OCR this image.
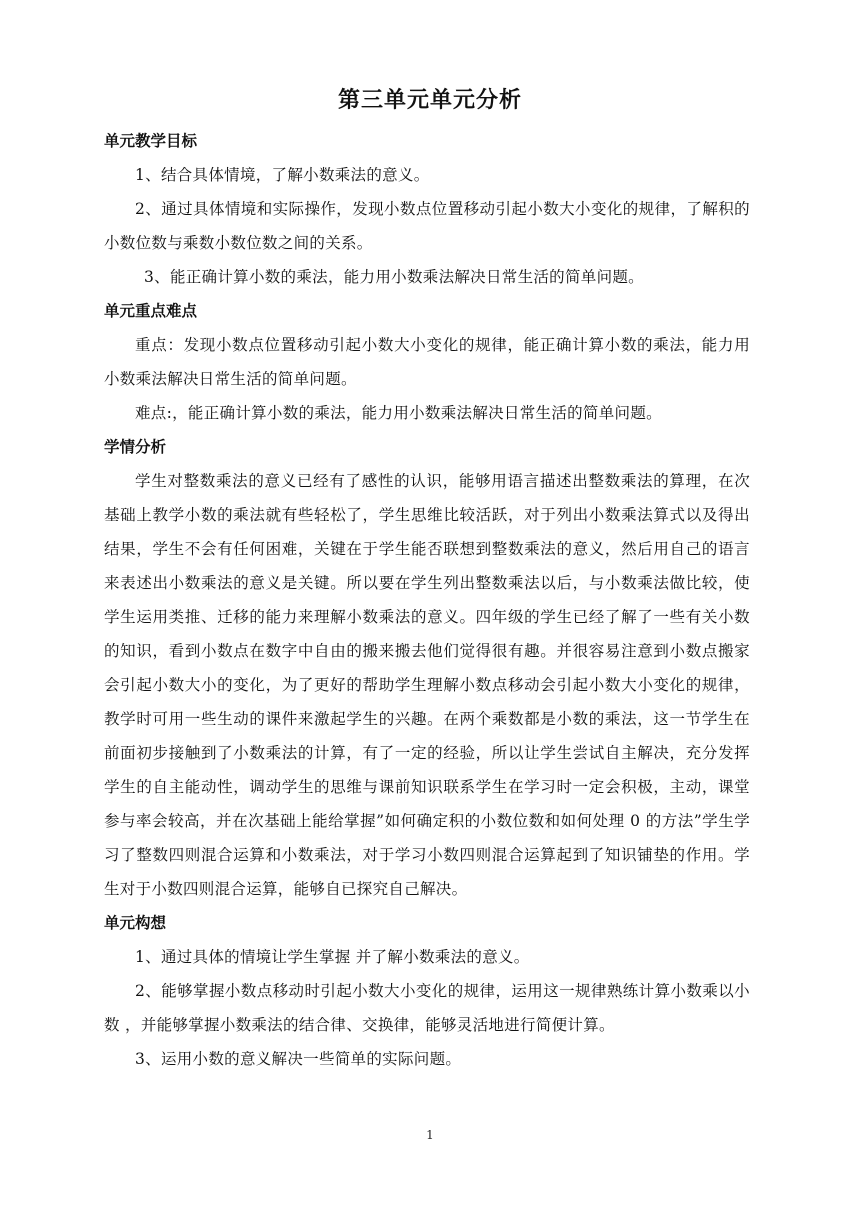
第三单元单元分析
单元教学目标

1、结合具体情境，了解小数乘法的意义。

2、通过具体情境和实际操作，发现小数点位置移动引起小数大小变化的规律，了解积的小数位数与乘数小数位数之间的关系。

3、能正确计算小数的乘法，能力用小数乘法解决日常生活的简单问题。

单元重点难点

重点：发现小数点位置移动引起小数大小变化的规律，能正确计算小数的乘法，能力用小数乘法解决日常生活的简单问题。

难点:，能正确计算小数的乘法，能力用小数乘法解决日常生活的简单问题。

学情分析

学生对整数乘法的意义已经有了感性的认识，能够用语言描述出整数乘法的算理，在次基础上教学小数的乘法就有些轻松了，学生思维比较活跃，对于列出小数乘法算式以及得出结果，学生不会有任何困难，关键在于学生能否联想到整数乘法的意义，然后用自己的语言来表述出小数乘法的意义是关键。所以要在学生列出整数乘法以后，与小数乘法做比较，使学生运用类推、迁移的能力来理解小数乘法的意义。四年级的学生已经了解了一些有关小数的知识，看到小数点在数字中自由的搬来搬去他们觉得很有趣。并很容易注意到小数点搬家会引起小数大小的变化，为了更好的帮助学生理解小数点移动会引起小数大小变化的规律，教学时可用一些生动的课件来激起学生的兴趣。在两个乘数都是小数的乘法，这一节学生在前面初步接触到了小数乘法的计算，有了一定的经验，所以让学生尝试自主解决，充分发挥学生的自主能动性，调动学生的思维与课前知识联系学生在学习时一定会积极，主动，课堂参与率会较高，并在次基础上能给掌握”如何确定积的小数位数和如何处理 0 的方法”学生学习了整数四则混合运算和小数乘法，对于学习小数四则混合运算起到了知识铺垫的作用。学生对于小数四则混合运算，能够自已探究自己解决。

单元构想

1、通过具体的情境让学生掌握 并了解小数乘法的意义。

2、能够掌握小数点移动时引起小数大小变化的规律，运用这一规律熟练计算小数乘以小数 ，并能够掌握小数乘法的结合律、交换律，能够灵活地进行简便计算。

3、运用小数的意义解决一些简单的实际问题。

1
